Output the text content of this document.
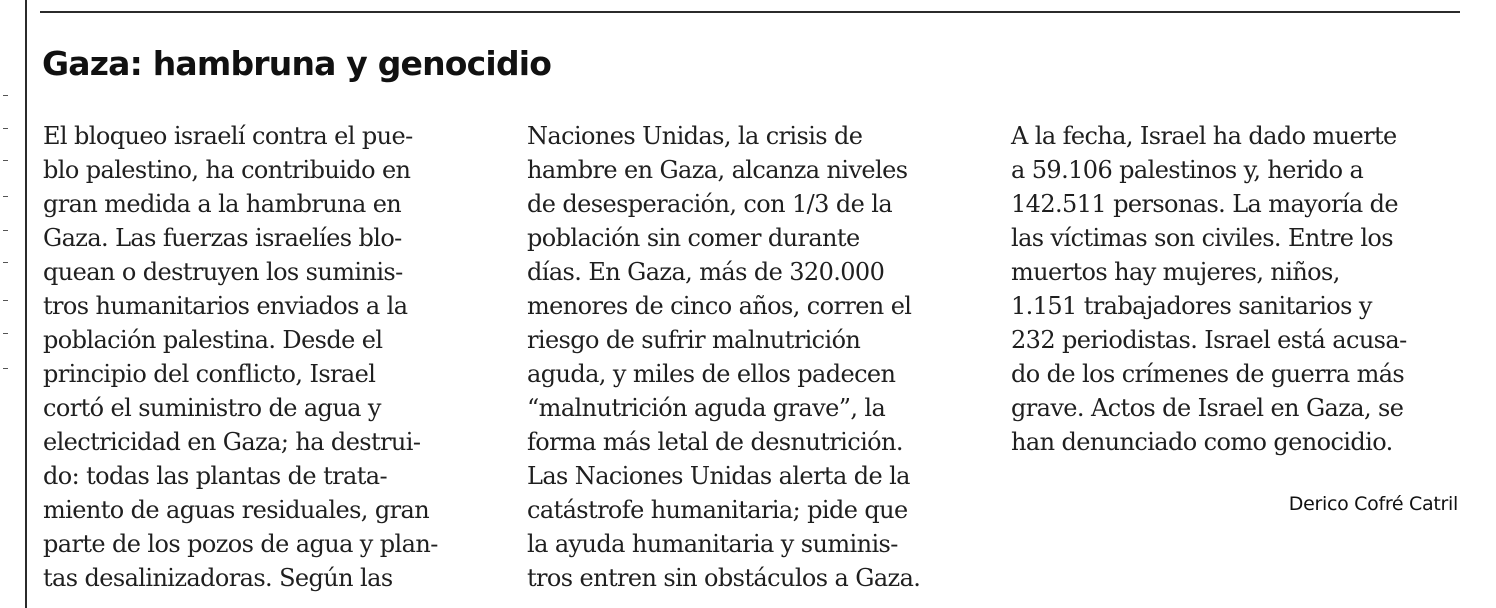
Gaza: hambruna y genocidio
El bloqueo israelí contra el pue-
blo palestino, ha contribuido en
gran medida a la hambruna en
Gaza. Las fuerzas israelíes blo-
quean o destruyen los suminis-
tros humanitarios enviados a la
población palestina. Desde el
principio del conflicto, Israel
cortó el suministro de agua y
electricidad en Gaza; ha destrui-
do: todas las plantas de trata-
miento de aguas residuales, gran
parte de los pozos de agua y plan-
tas desalinizadoras. Según las
Naciones Unidas, la crisis de
hambre en Gaza, alcanza niveles
de desesperación, con 1/3 de la
población sin comer durante
días. En Gaza, más de 320.000
menores de cinco años, corren el
riesgo de sufrir malnutrición
aguda, y miles de ellos padecen
“malnutrición aguda grave”, la
forma más letal de desnutrición.
Las Naciones Unidas alerta de la
catástrofe humanitaria; pide que
la ayuda humanitaria y suminis-
tros entren sin obstáculos a Gaza.
A la fecha, Israel ha dado muerte
a 59.106 palestinos y, herido a
142.511 personas. La mayoría de
las víctimas son civiles. Entre los
muertos hay mujeres, niños,
1.151 trabajadores sanitarios y
232 periodistas. Israel está acusa-
do de los crímenes de guerra más
grave. Actos de Israel en Gaza, se
han denunciado como genocidio.

Derico Cofré Catril
